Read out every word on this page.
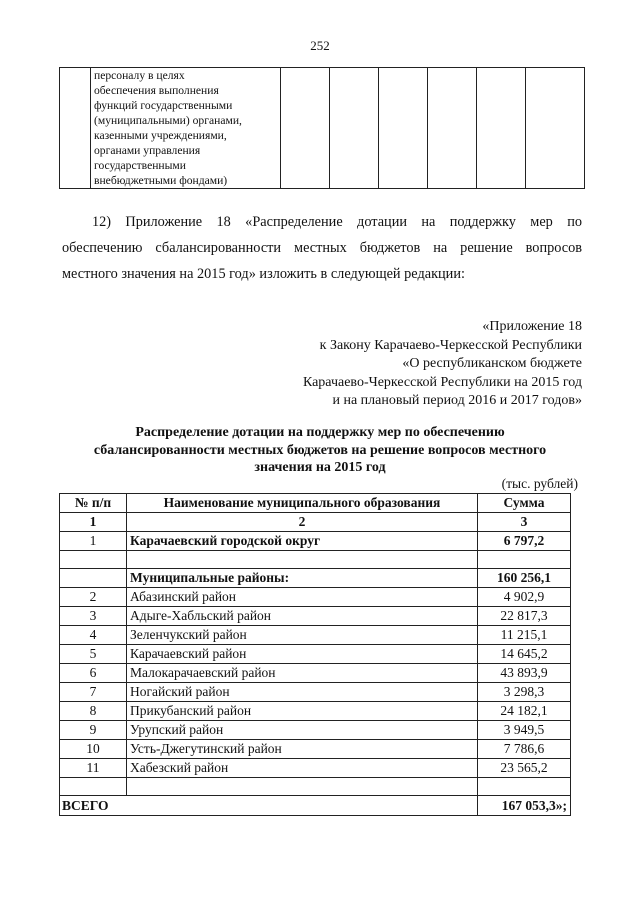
252

персоналу в целях
обеспечения выполнения
функций государственными
(муниципальными) органами,
казенными учреждениями,
органами управления
государственными
внебюджетными фондами)

12) Приложение 18 «Распределение дотации на поддержку мер по
обеспечению сбалансированности местных бюджетов на решение вопросов
местного значения на 2015 год» изложить в следующей редакции:
«Приложение 18
к Закону Карачаево-Черкесской Республики
«О республиканском бюджете
Карачаево-Черкесской Республики на 2015 год
и на плановый период 2016 и 2017 годов»
Распределение дотации на поддержку мер по обеспечению
сбалансированности местных бюджетов на решение вопросов местного
значения на 2015 год
(тыс. рублей)
№ п/п	Наименование муниципального образования	Сумма
1	2	3
1	Карачаевский городской округ	6 797,2

	Муниципальные районы:	160 256,1
2	Абазинский район	4 902,9
3	Адыге-Хабльский район	22 817,3
4	Зеленчукский район	11 215,1
5	Карачаевский район	14 645,2
6	Малокарачаевский район	43 893,9
7	Ногайский район	3 298,3
8	Прикубанский район	24 182,1
9	Урупский район	3 949,5
10	Усть-Джегутинский район	7 786,6
11	Хабезский район	23 565,2

ВСЕГО		167 053,3»;
